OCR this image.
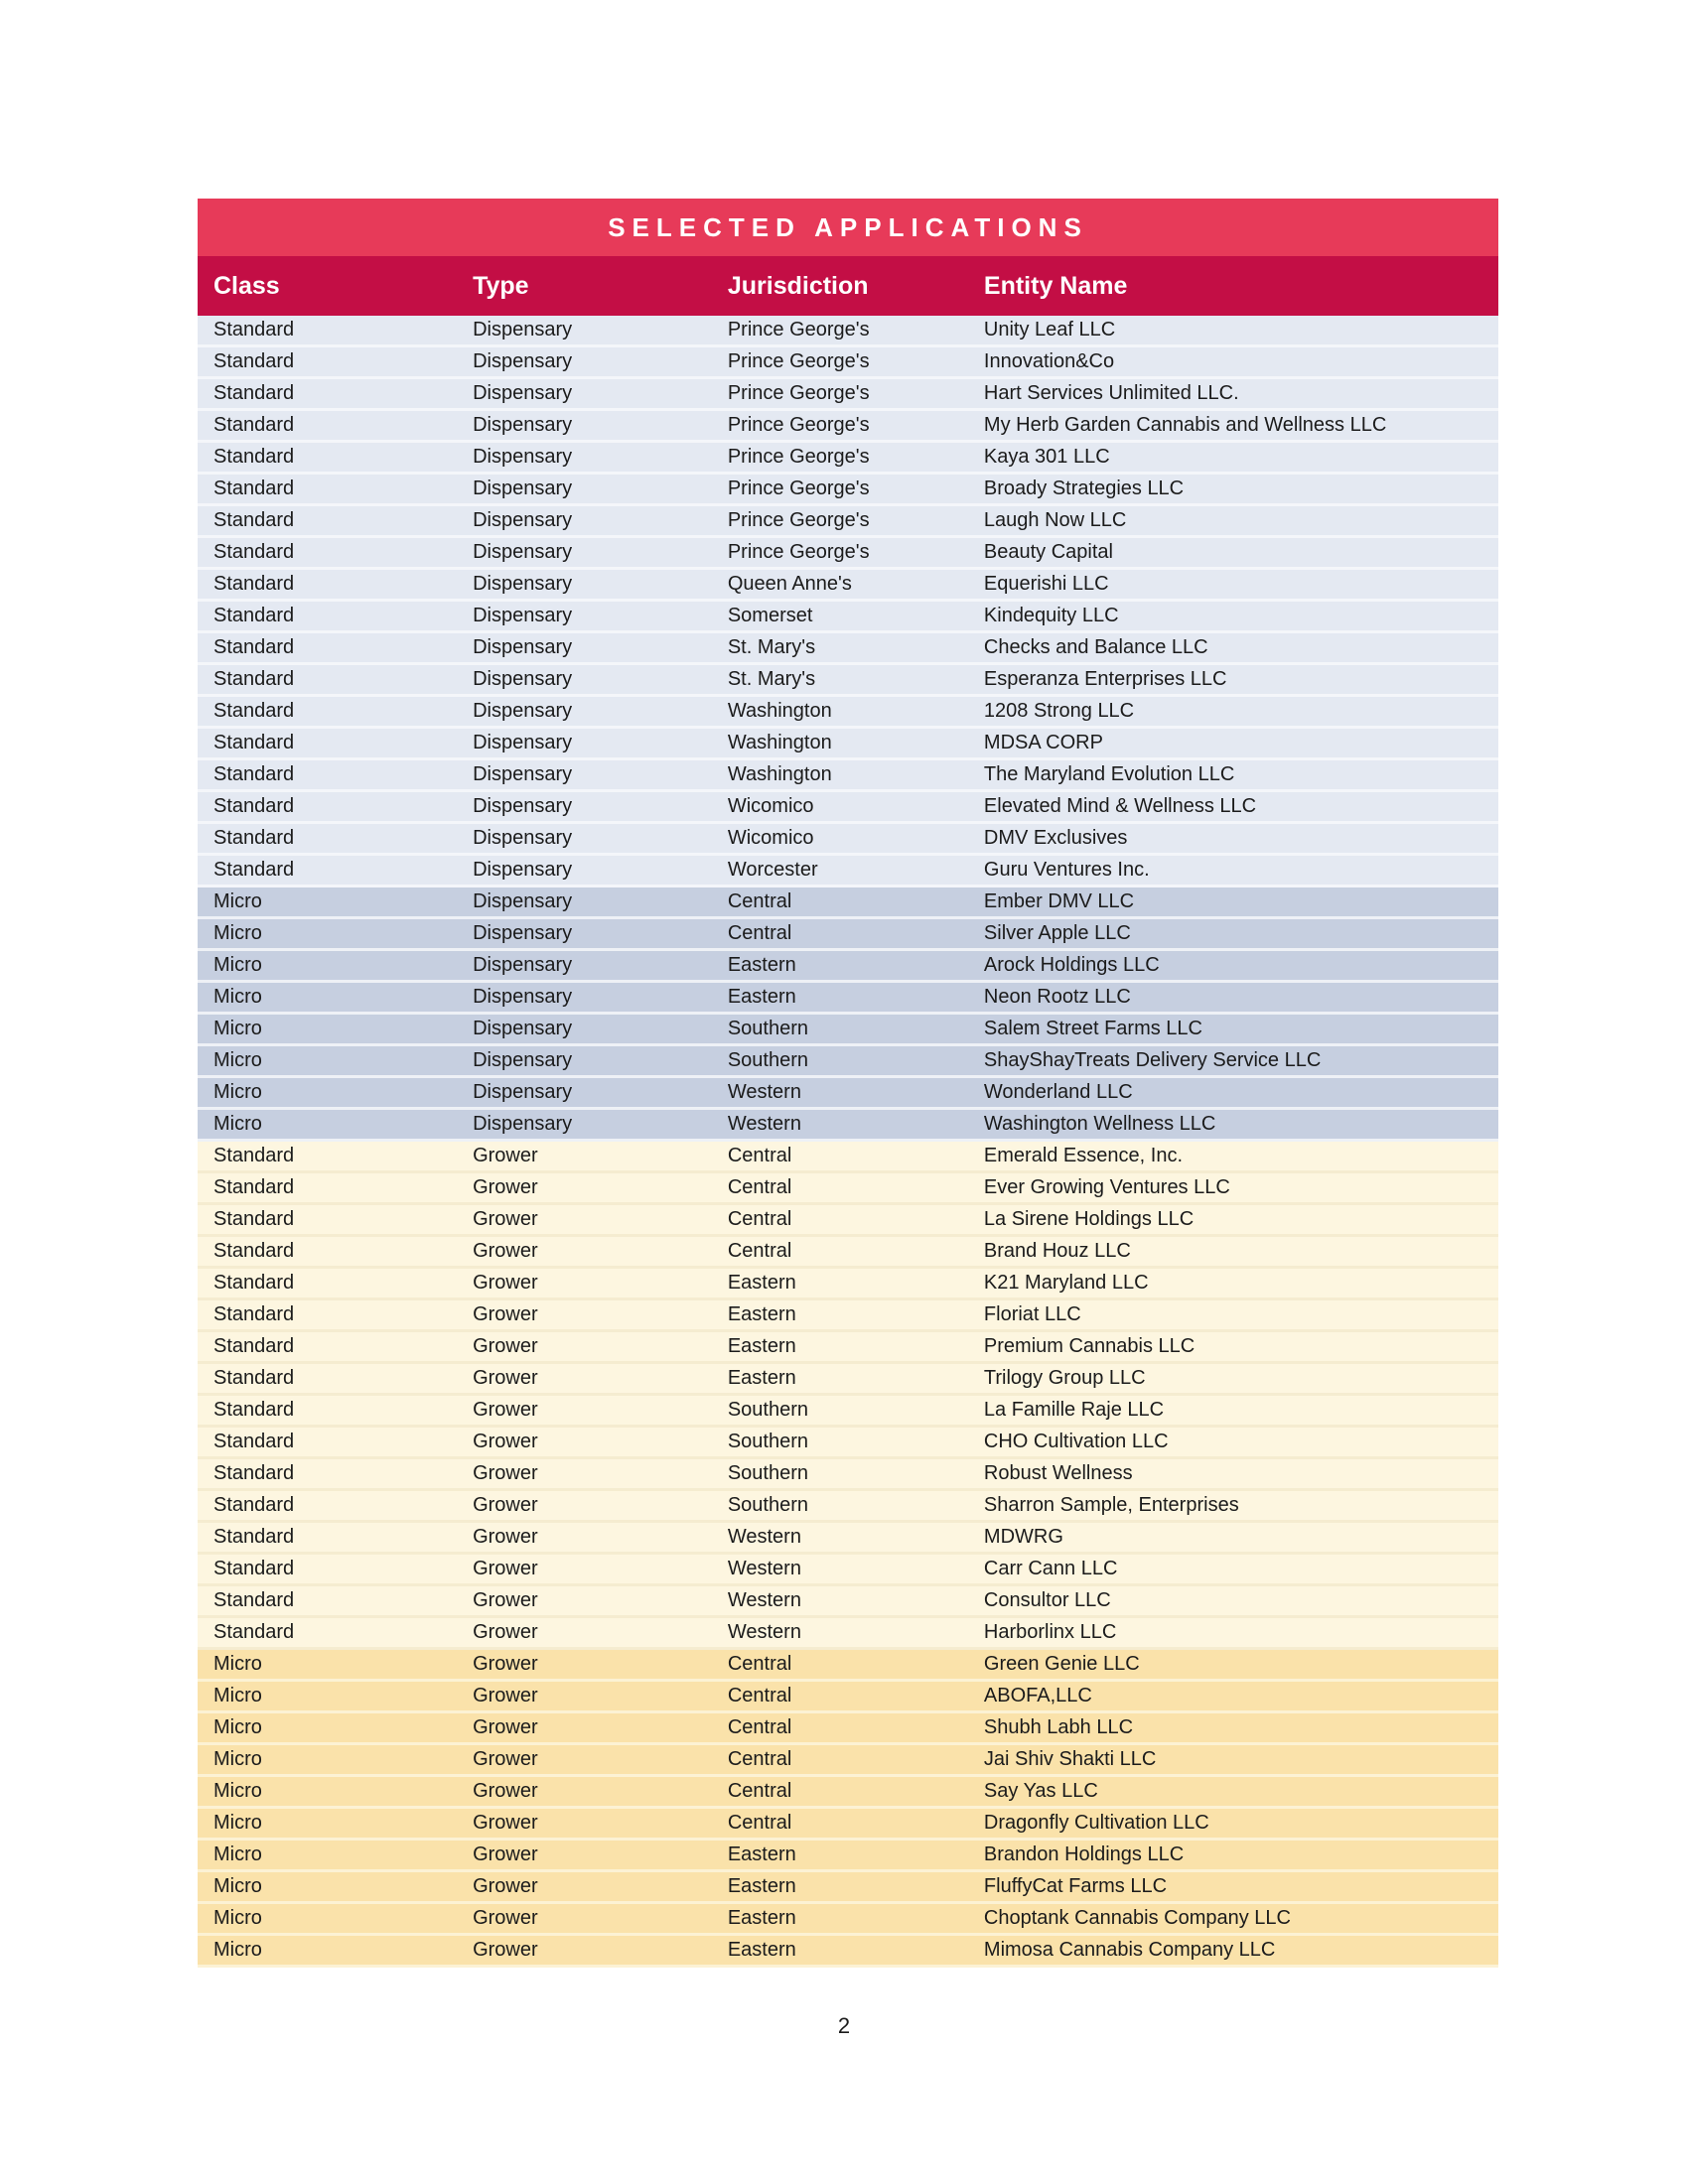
SELECTED APPLICATIONS
Class	Type	Jurisdiction	Entity Name
Standard	Dispensary	Prince George's	Unity Leaf LLC
Standard	Dispensary	Prince George's	Innovation&Co
Standard	Dispensary	Prince George's	Hart Services Unlimited LLC.
Standard	Dispensary	Prince George's	My Herb Garden Cannabis and Wellness LLC
Standard	Dispensary	Prince George's	Kaya 301 LLC
Standard	Dispensary	Prince George's	Broady Strategies LLC
Standard	Dispensary	Prince George's	Laugh Now LLC
Standard	Dispensary	Prince George's	Beauty Capital
Standard	Dispensary	Queen Anne's	Equerishi LLC
Standard	Dispensary	Somerset	Kindequity LLC
Standard	Dispensary	St. Mary's	Checks and Balance LLC
Standard	Dispensary	St. Mary's	Esperanza Enterprises LLC
Standard	Dispensary	Washington	1208 Strong LLC
Standard	Dispensary	Washington	MDSA CORP
Standard	Dispensary	Washington	The Maryland Evolution LLC
Standard	Dispensary	Wicomico	Elevated Mind & Wellness LLC
Standard	Dispensary	Wicomico	DMV Exclusives
Standard	Dispensary	Worcester	Guru Ventures Inc.
Micro	Dispensary	Central	Ember DMV LLC
Micro	Dispensary	Central	Silver Apple LLC
Micro	Dispensary	Eastern	Arock Holdings LLC
Micro	Dispensary	Eastern	Neon Rootz LLC
Micro	Dispensary	Southern	Salem Street Farms LLC
Micro	Dispensary	Southern	ShayShayTreats Delivery Service LLC
Micro	Dispensary	Western	Wonderland LLC
Micro	Dispensary	Western	Washington Wellness LLC
Standard	Grower	Central	Emerald Essence, Inc.
Standard	Grower	Central	Ever Growing Ventures LLC
Standard	Grower	Central	La Sirene Holdings LLC
Standard	Grower	Central	Brand Houz LLC
Standard	Grower	Eastern	K21 Maryland LLC
Standard	Grower	Eastern	Floriat LLC
Standard	Grower	Eastern	Premium Cannabis LLC
Standard	Grower	Eastern	Trilogy Group LLC
Standard	Grower	Southern	La Famille Raje LLC
Standard	Grower	Southern	CHO Cultivation LLC
Standard	Grower	Southern	Robust Wellness
Standard	Grower	Southern	Sharron Sample, Enterprises
Standard	Grower	Western	MDWRG
Standard	Grower	Western	Carr Cann LLC
Standard	Grower	Western	Consultor LLC
Standard	Grower	Western	Harborlinx LLC
Micro	Grower	Central	Green Genie LLC
Micro	Grower	Central	ABOFA,LLC
Micro	Grower	Central	Shubh Labh LLC
Micro	Grower	Central	Jai Shiv Shakti LLC
Micro	Grower	Central	Say Yas LLC
Micro	Grower	Central	Dragonfly Cultivation LLC
Micro	Grower	Eastern	Brandon Holdings LLC
Micro	Grower	Eastern	FluffyCat Farms LLC
Micro	Grower	Eastern	Choptank Cannabis Company LLC
Micro	Grower	Eastern	Mimosa Cannabis Company LLC
2
